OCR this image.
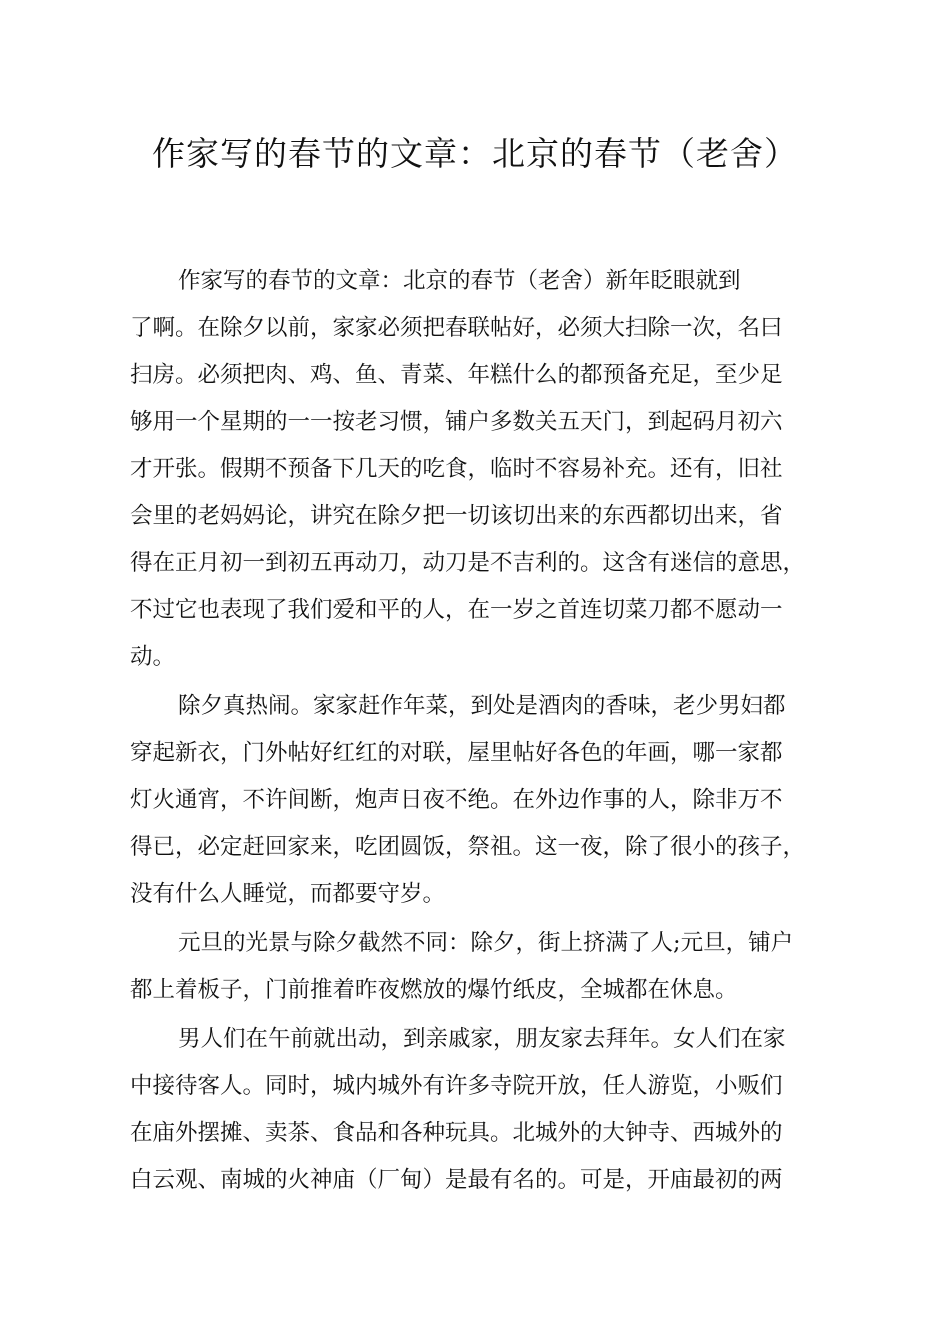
作家写的春节的文章：北京的春节（老舍）
作家写的春节的文章：北京的春节（老舍）新年眨眼就到
了啊。在除夕以前，家家必须把春联帖好，必须大扫除一次，名曰
扫房。必须把肉、鸡、鱼、青菜、年糕什么的都预备充足，至少足
够用一个星期的一一按老习惯，铺户多数关五天门，到起码月初六
才开张。假期不预备下几天的吃食，临时不容易补充。还有，旧社
会里的老妈妈论，讲究在除夕把一切该切出来的东西都切出来，省
得在正月初一到初五再动刀，动刀是不吉利的。这含有迷信的意思，
不过它也表现了我们爱和平的人，在一岁之首连切菜刀都不愿动一
动。
除夕真热闹。家家赶作年菜，到处是酒肉的香味，老少男妇都
穿起新衣，门外帖好红红的对联，屋里帖好各色的年画，哪一家都
灯火通宵，不许间断，炮声日夜不绝。在外边作事的人，除非万不
得已，必定赶回家来，吃团圆饭，祭祖。这一夜，除了很小的孩子，
没有什么人睡觉，而都要守岁。
元旦的光景与除夕截然不同：除夕，街上挤满了人;元旦，铺户
都上着板子，门前推着昨夜燃放的爆竹纸皮，全城都在休息。
男人们在午前就出动，到亲戚家，朋友家去拜年。女人们在家
中接待客人。同时，城内城外有许多寺院开放，任人游览，小贩们
在庙外摆摊、卖茶、食品和各种玩具。北城外的大钟寺、西城外的
白云观、南城的火神庙（厂甸）是最有名的。可是，开庙最初的两
